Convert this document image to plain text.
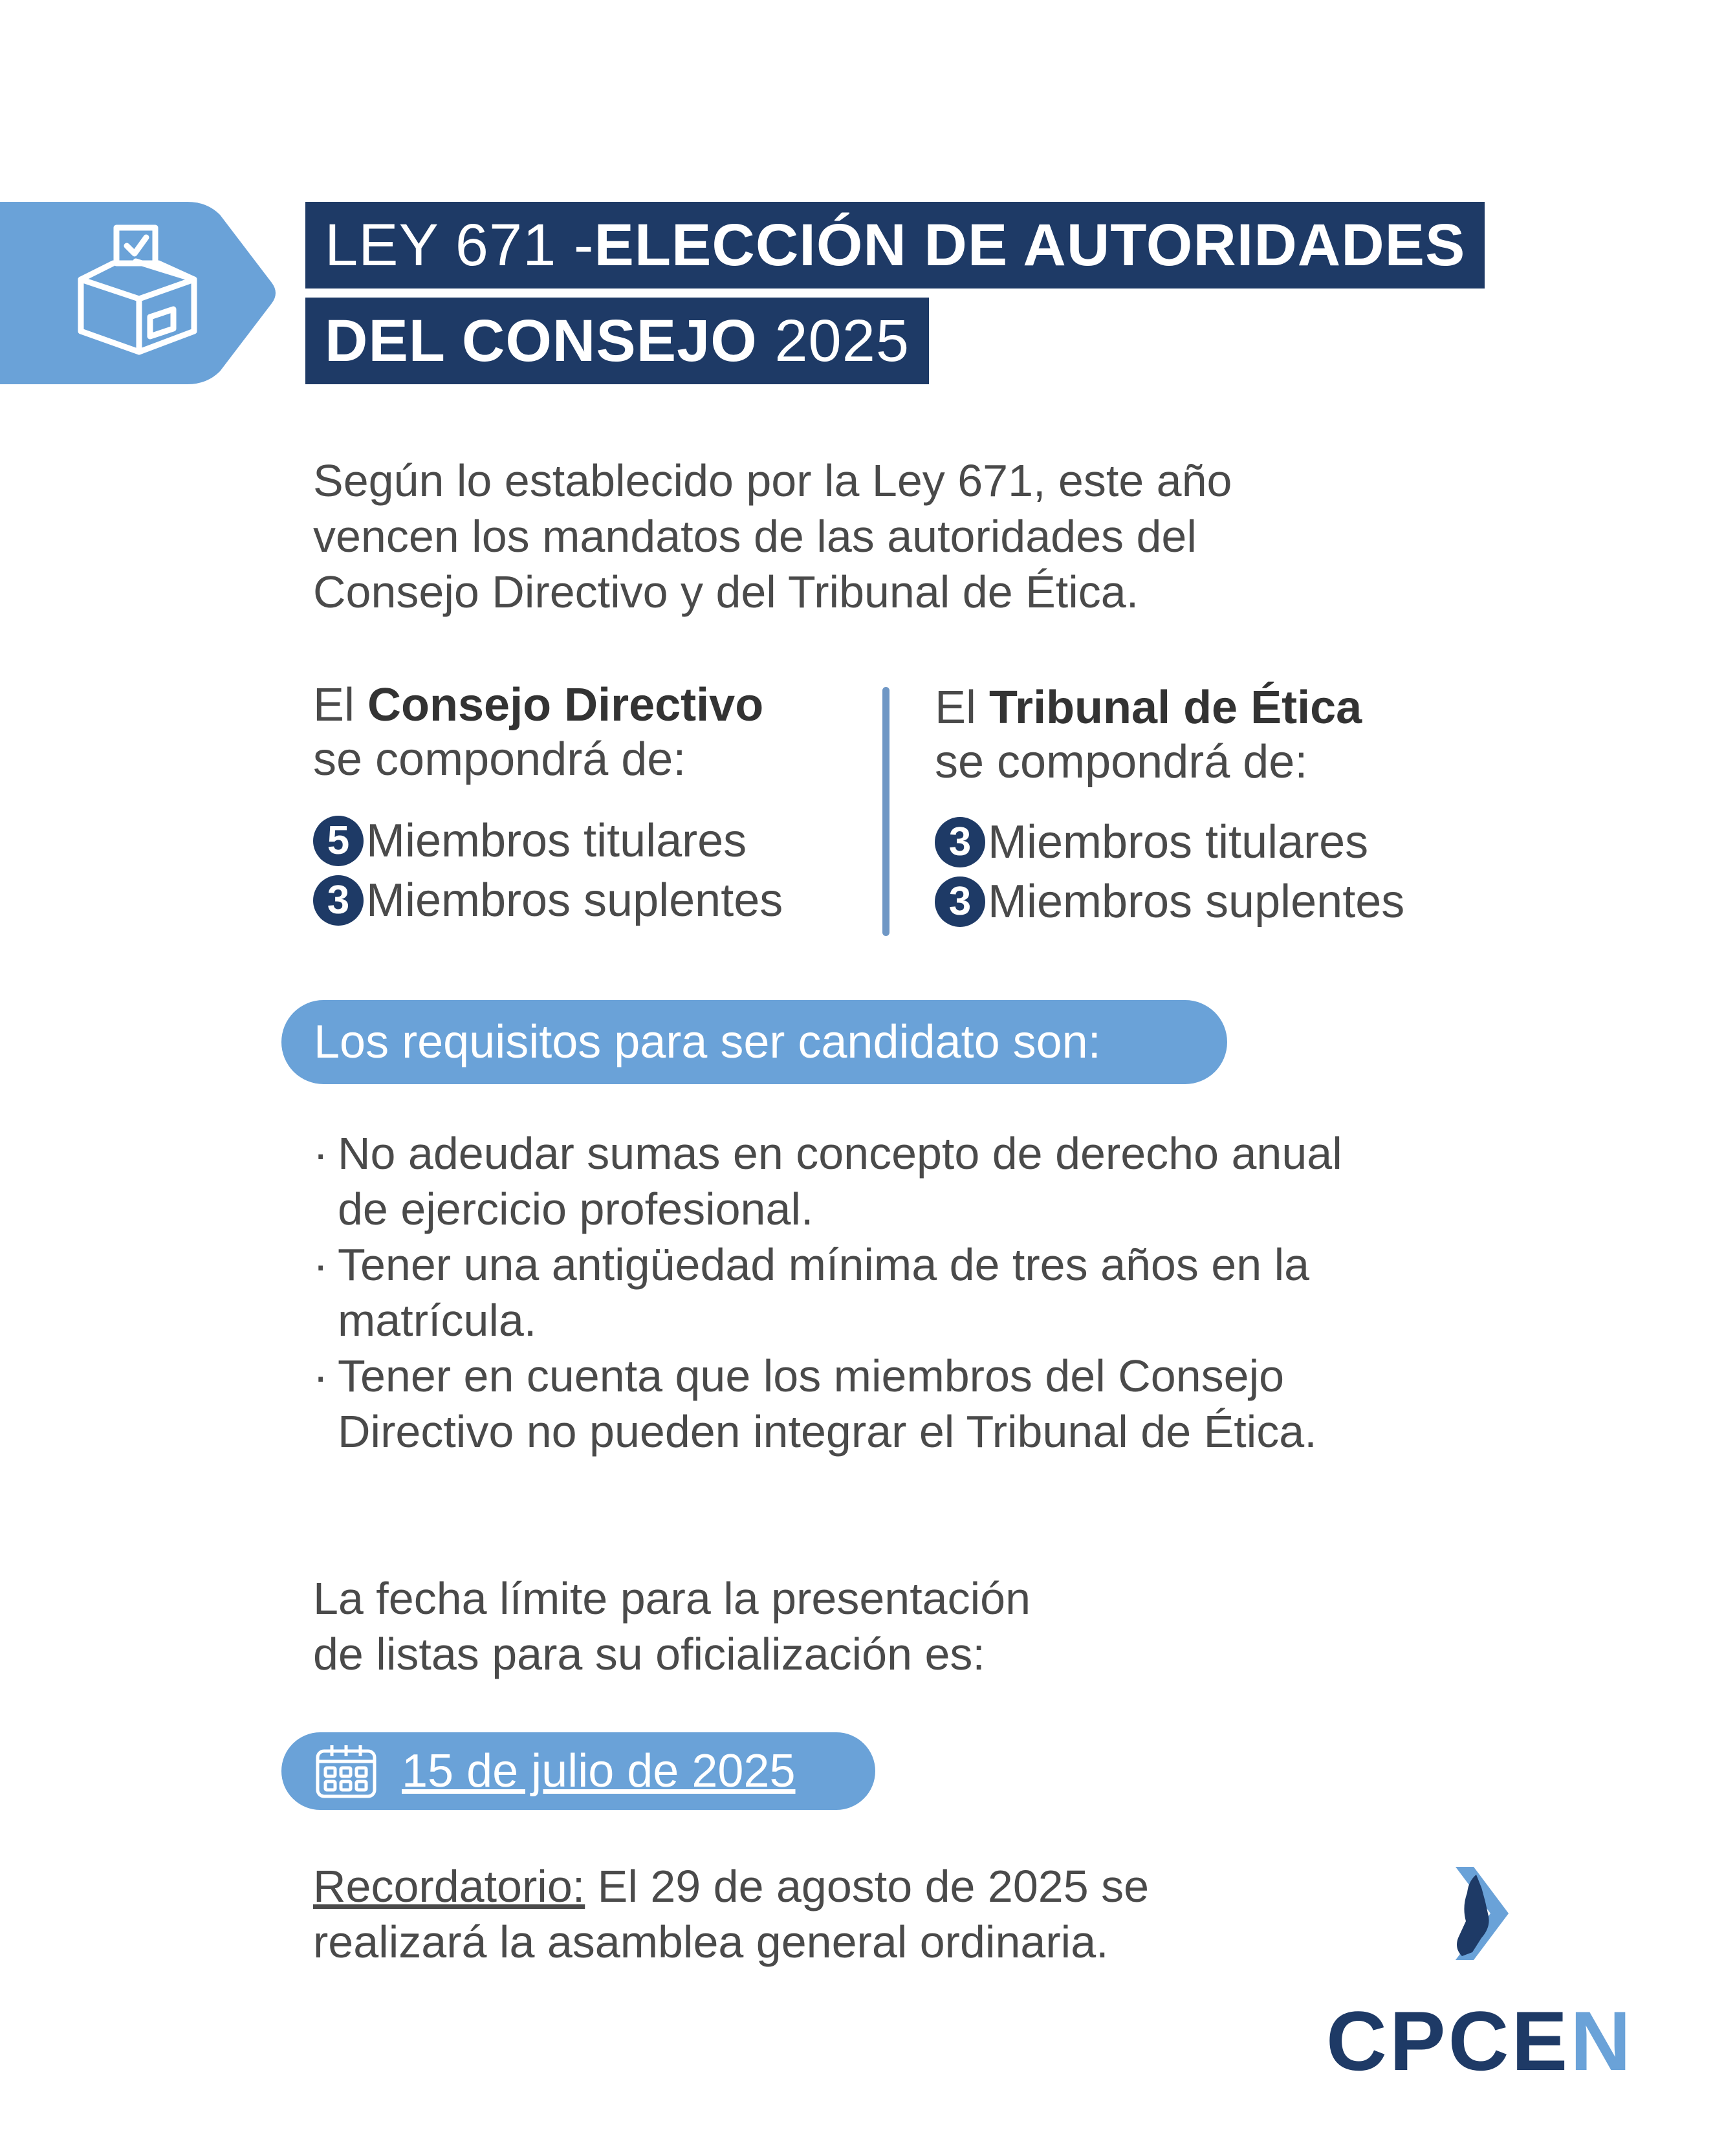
LEY 671 -ELECCIÓN DE AUTORIDADES
DEL CONSEJO 2025
Según lo establecido por la Ley 671, este año
vencen los mandatos de las autoridades del
Consejo Directivo y del Tribunal de Ética.
El Consejo Directivo
se compondrá de:
5 Miembros titulares
3 Miembros suplentes
El Tribunal de Ética
se compondrá de:
3 Miembros titulares
3 Miembros suplentes
Los requisitos para ser candidato son:
· No adeudar sumas en concepto de derecho anual de ejercicio profesional.
· Tener una antigüedad mínima de tres años en la matrícula.
· Tener en cuenta que los miembros del Consejo Directivo no pueden integrar el Tribunal de Ética.
La fecha límite para la presentación
de listas para su oficialización es:
15 de julio de 2025
Recordatorio: El 29 de agosto de 2025 se
realizará la asamblea general ordinaria.
CPCEN
